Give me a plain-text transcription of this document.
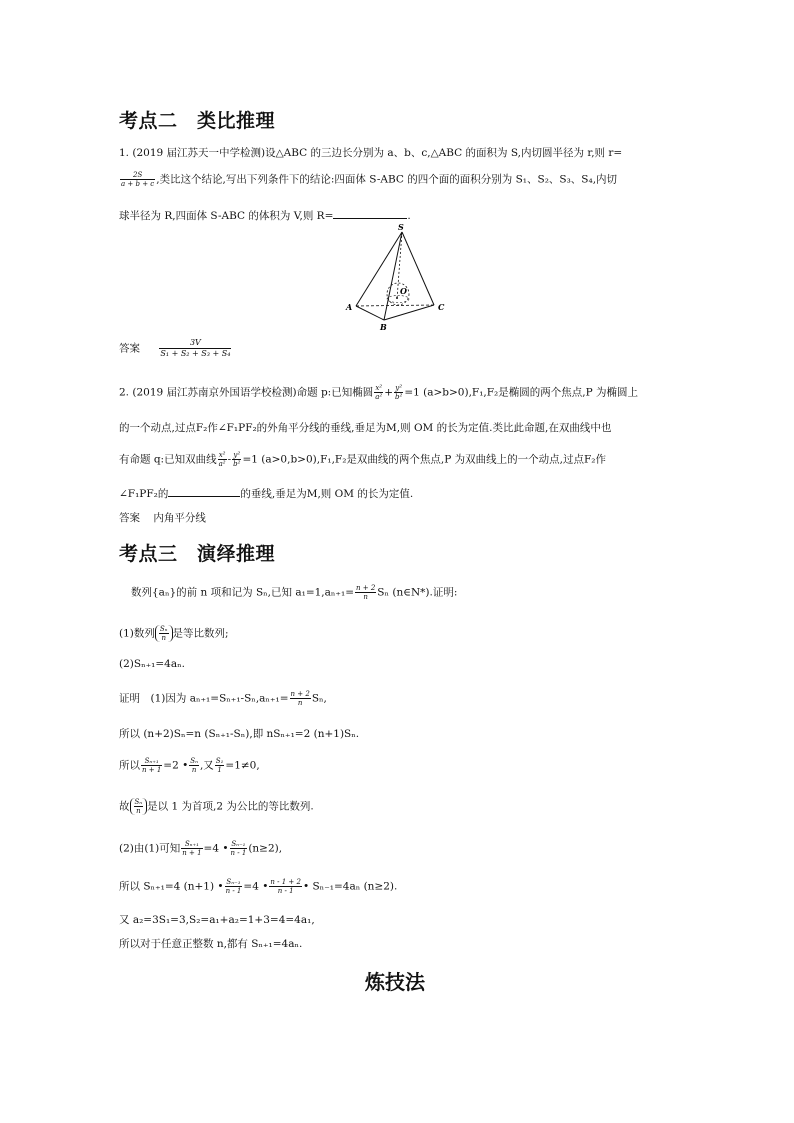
考点二　类比推理
1. (2019 届江苏天一中学检测)设△ABC 的三边长分别为 a、b、c,△ABC 的面积为 S,内切圆半径为 r,则 r=
$\frac{2S}{a + b + c}$ ,类比这个结论,写出下列条件下的结论:四面体 S-ABC 的四个面的面积分别为 S₁、S₂、S₃、S₄,内切
球半径为 R,四面体 S-ABC 的体积为 V,则 R=	.
S
A
B
C
O
答案 $\frac{3V}{\text{S₁ + S₂ + S₃ + S₄}}$
2. (2019 届江苏南京外国语学校检测)命题 p:已知椭圆 $\frac{\text{x²}}{\text{a²}} + \frac{\text{y²}}{\text{b²}} =1$ (a>b>0),F₁,F₂是椭圆的两个焦点,P 为椭圆上
的一个动点,过点F₂作∠F₁PF₂的外角平分线的垂线,垂足为M,则 OM 的长为定值.类比此命题,在双曲线中也
有命题 q:已知双曲线 $\frac{\text{x²}}{\text{a²}} - \frac{\text{y²}}{\text{b²}} =1$ (a>0,b>0),F₁,F₂是双曲线的两个焦点,P 为双曲线上的一个动点,过点F₂作
∠F₁PF₂的	的垂线,垂足为M,则 OM 的长为定值.
答案 内角平分线
考点三　演绎推理
数列{aₙ}的前 n 项和记为 Sₙ,已知 $a_1=1,a_{n+1}= \frac{n + 2}{n}$ Sₙ (n∈N*).证明:
(1)数列 $\frac{\text{Sₙ}}{n}$ 是等比数列;
(2)Sₙ₊₁=4aₙ.
证明　(1)因为 $a_{n+1}=S_{n+1}-S_n,a_{n+1}= \frac{n + 2}{n} S_n$,
所以 (n+2)Sₙ=n (Sₙ₊₁-Sₙ),即 nSₙ₊₁=2 (n+1)Sₙ.
所以 $\frac{\text{Sₙ₊₁}}{n + 1} =2$ • $\frac{\text{Sₙ}}{n}$ ,又 $\frac{\text{S₁}}{1} =1\ne 0$,
故 $\frac{\text{Sₙ}}{n}$ 是以 1 为首项,2 为公比的等比数列.
(2)由(1)可知 $\frac{\text{Sₙ₊₁}}{n + 1} =4$ • $\frac{\text{Sₙ₋₁}}{n - 1} (n\ge 2)$,
所以 Sₙ₊₁=4 (n+1) • $\frac{\text{Sₙ₋₁}}{n - 1} =4$ • $\frac{n - 1 + 2}{n - 1}$ • Sₙ₋₁=4aₙ (n≥2).
又 a₂=3S₁=3,S₂=a₁+a₂=1+3=4=4a₁,
所以对于任意正整数 n,都有 Sₙ₊₁=4aₙ.
炼技法
